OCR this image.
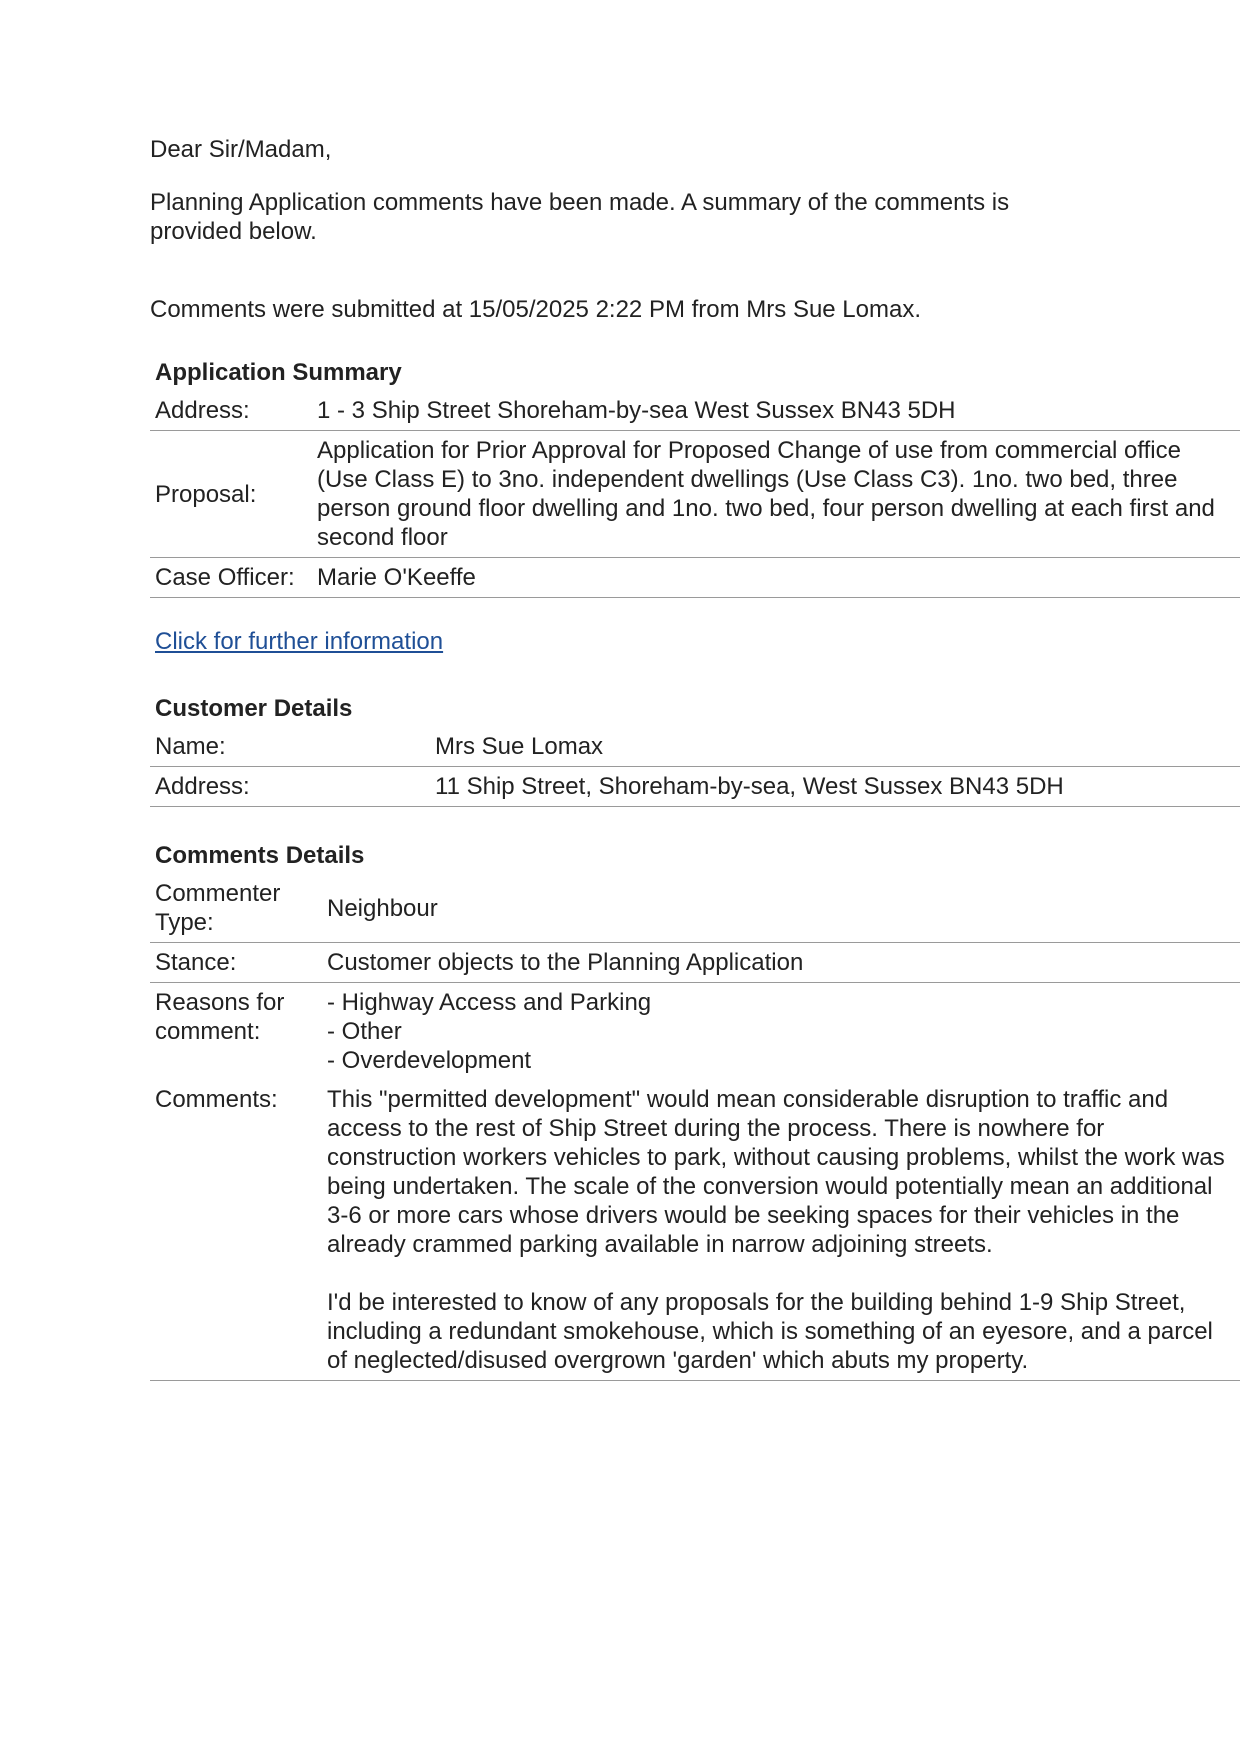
Dear Sir/Madam,

Planning Application comments have been made. A summary of the comments is provided below.

Comments were submitted at 15/05/2025 2:22 PM from Mrs Sue Lomax.

Application Summary
Address:	1 - 3 Ship Street Shoreham-by-sea West Sussex BN43 5DH
Proposal:	Application for Prior Approval for Proposed Change of use from commercial office (Use Class E) to 3no. independent dwellings (Use Class C3). 1no. two bed, three person ground floor dwelling and 1no. two bed, four person dwelling at each first and second floor
Case Officer:	Marie O'Keeffe
Click for further information
Customer Details
Name:	Mrs Sue Lomax
Address:	11 Ship Street, Shoreham-by-sea, West Sussex BN43 5DH
Comments Details
Commenter Type:	Neighbour
Stance:	Customer objects to the Planning Application
Reasons for comment:	- Highway Access and Parking
- Other
- Overdevelopment

Comments:	This "permitted development" would mean considerable disruption to traffic and access to the rest of Ship Street during the process. There is nowhere for construction workers vehicles to park, without causing problems, whilst the work was being undertaken. The scale of the conversion would potentially mean an additional 3-6 or more cars whose drivers would be seeking spaces for their vehicles in the already crammed parking available in narrow adjoining streets.
I'd be interested to know of any proposals for the building behind 1-9 Ship Street, including a redundant smokehouse, which is something of an eyesore, and a parcel of neglected/disused overgrown 'garden' which abuts my property.
